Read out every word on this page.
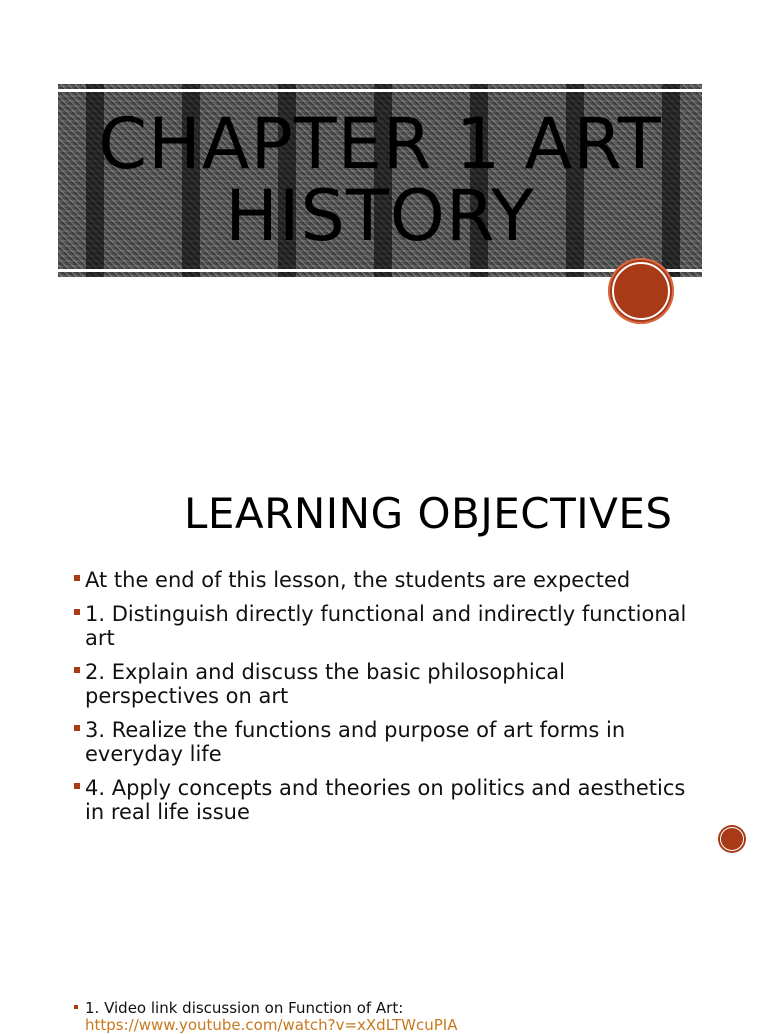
CHAPTER 1 ART HISTORY
LEARNING OBJECTIVES
At the end of this lesson, the students are expected
1. Distinguish directly functional and indirectly functional art
2. Explain and discuss the basic philosophical perspectives on art
3. Realize the functions and purpose of art forms in everyday life
4. Apply concepts and theories on politics and aesthetics in real life issue
1. Video link discussion on Function of Art:
https://www.youtube.com/watch?v=xXdLTWcuPIA
